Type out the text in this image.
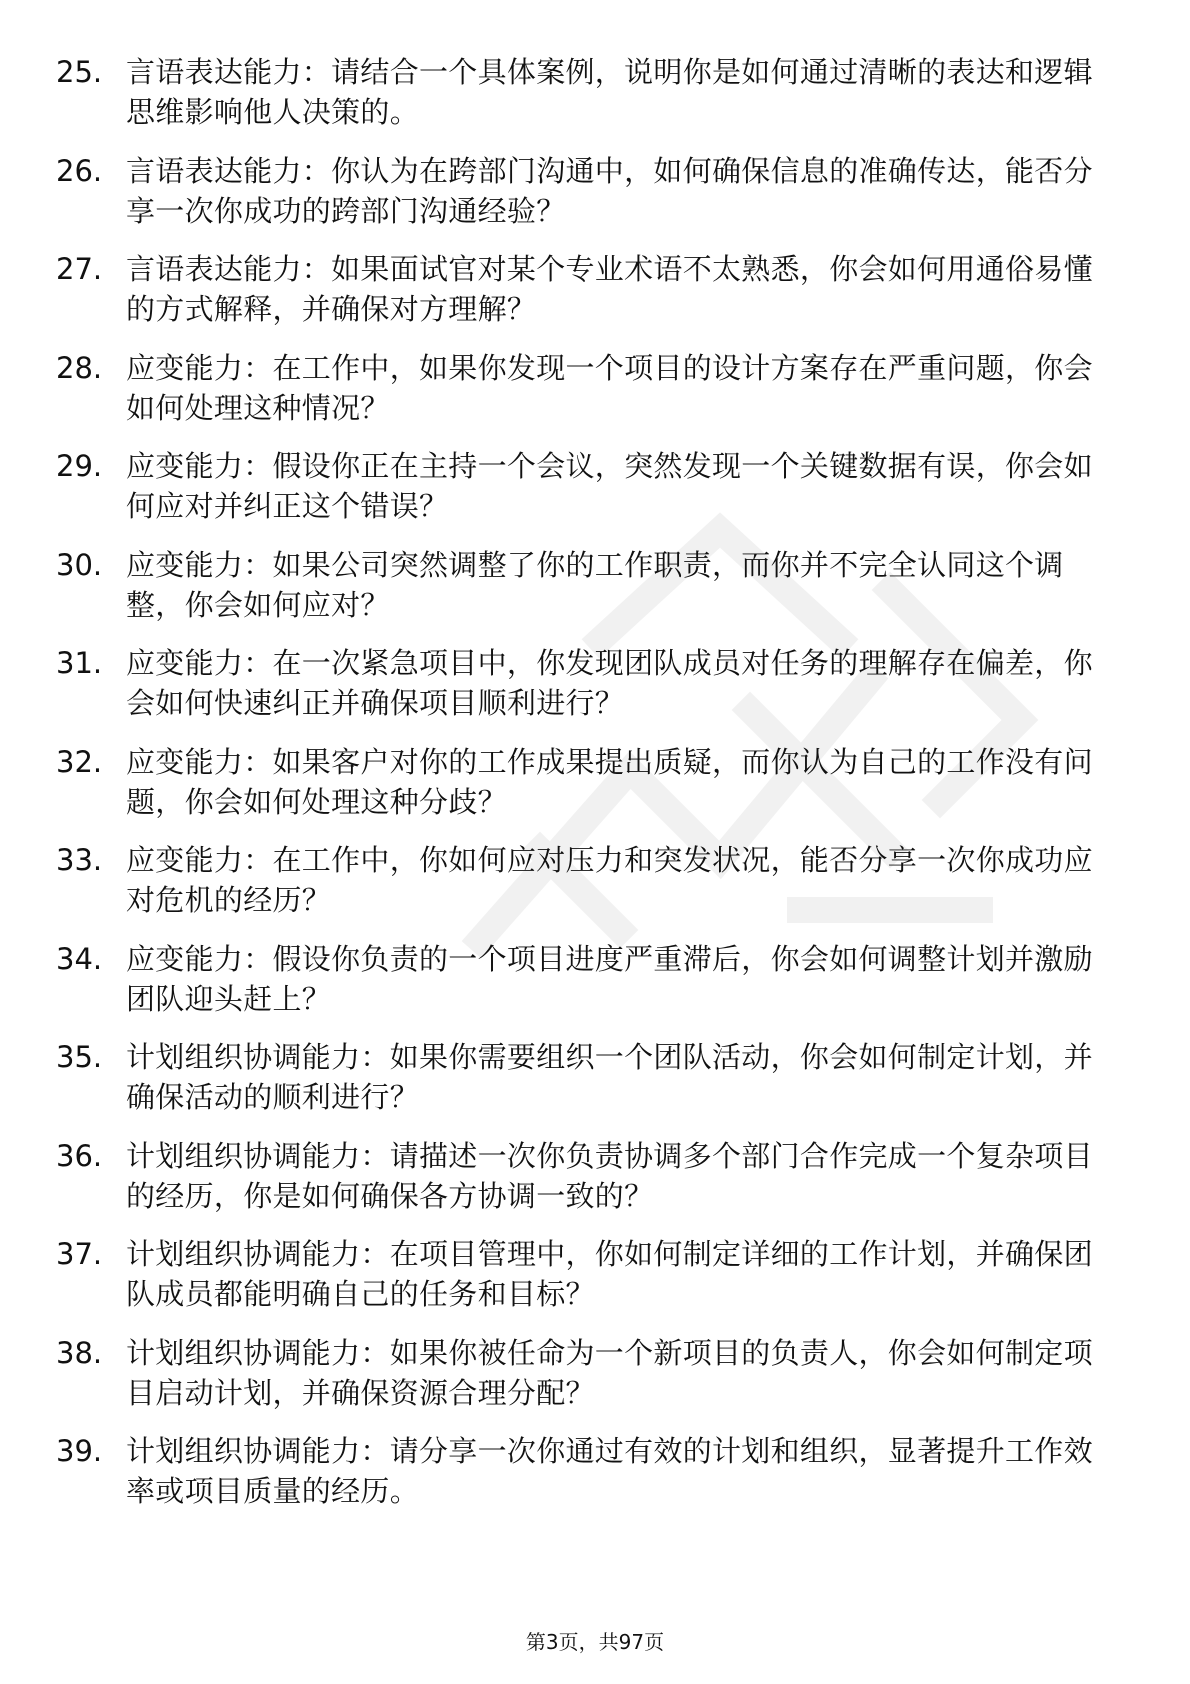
25. 言语表达能力：请结合一个具体案例，说明你是如何通过清晰的表达和逻辑思维影响他人决策的。
26. 言语表达能力：你认为在跨部门沟通中，如何确保信息的准确传达，能否分享一次你成功的跨部门沟通经验？
27. 言语表达能力：如果面试官对某个专业术语不太熟悉，你会如何用通俗易懂的方式解释，并确保对方理解？
28. 应变能力：在工作中，如果你发现一个项目的设计方案存在严重问题，你会如何处理这种情况？
29. 应变能力：假设你正在主持一个会议，突然发现一个关键数据有误，你会如何应对并纠正这个错误？
30. 应变能力：如果公司突然调整了你的工作职责，而你并不完全认同这个调整，你会如何应对？
31. 应变能力：在一次紧急项目中，你发现团队成员对任务的理解存在偏差，你会如何快速纠正并确保项目顺利进行？
32. 应变能力：如果客户对你的工作成果提出质疑，而你认为自己的工作没有问题，你会如何处理这种分歧？
33. 应变能力：在工作中，你如何应对压力和突发状况，能否分享一次你成功应对危机的经历？
34. 应变能力：假设你负责的一个项目进度严重滞后，你会如何调整计划并激励团队迎头赶上？
35. 计划组织协调能力：如果你需要组织一个团队活动，你会如何制定计划，并确保活动的顺利进行？
36. 计划组织协调能力：请描述一次你负责协调多个部门合作完成一个复杂项目的经历，你是如何确保各方协调一致的？
37. 计划组织协调能力：在项目管理中，你如何制定详细的工作计划，并确保团队成员都能明确自己的任务和目标？
38. 计划组织协调能力：如果你被任命为一个新项目的负责人，你会如何制定项目启动计划，并确保资源合理分配？
39. 计划组织协调能力：请分享一次你通过有效的计划和组织，显著提升工作效率或项目质量的经历。
第3页，共97页
